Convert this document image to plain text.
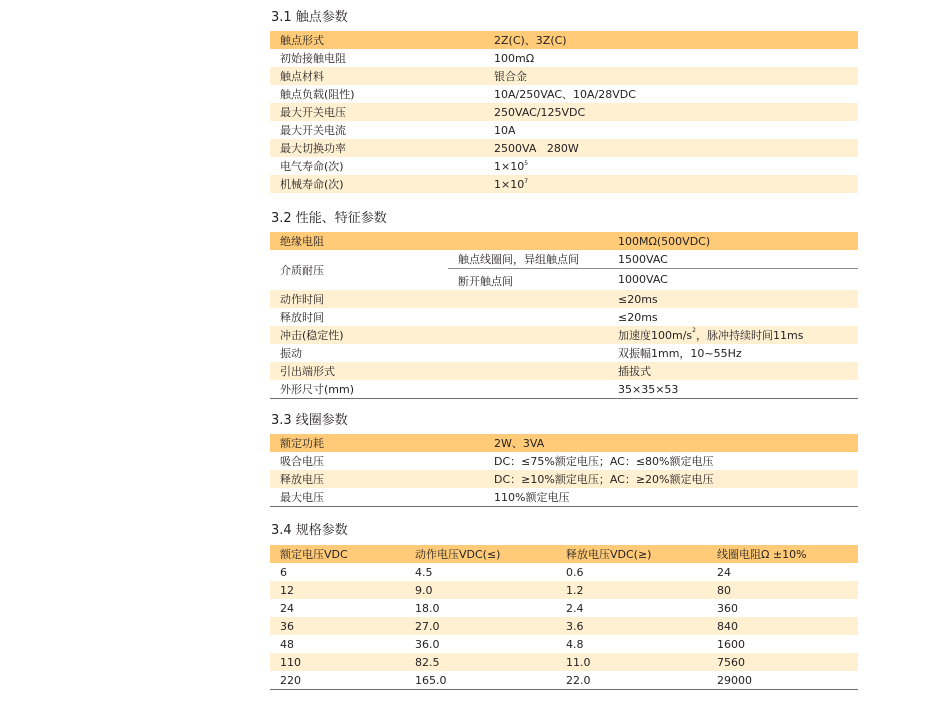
3.1 触点参数
触点形式	2Z(C)、3Z(C)
初始接触电阻	100mΩ
触点材料	银合金
触点负载(阻性)	10A/250VAC、10A/28VDC
最大开关电压	250VAC/125VDC
最大开关电流	10A
最大切换功率	2500VA   280W
电气寿命(次)	$1\times 10^5$
机械寿命(次)	$1\times 10^7$
3.2 性能、特征参数
绝缘电阻		100MΩ(500VDC)
介质耐压	触点线圈间，异组触点间	1500VAC
	断开触点间	1000VAC
动作时间		≤20ms
释放时间		≤20ms
冲击(稳定性)		加速度$100m/s^2$，脉冲持续时间11ms
振动		双振幅1mm，10~55Hz
引出端形式		插拔式
外形尺寸(mm)		35×35×53
3.3 线圈参数
额定功耗	2W、3VA
吸合电压	DC：≤75%额定电压；AC：≤80%额定电压
释放电压	DC：≥10%额定电压；AC：≥20%额定电压
最大电压	110%额定电压
3.4 规格参数
额定电压VDC	动作电压VDC(≤)	释放电压VDC(≥)	线圈电阻Ω ±10%
6	4.5	0.6	24
12	9.0	1.2	80
24	18.0	2.4	360
36	27.0	3.6	840
48	36.0	4.8	1600
110	82.5	11.0	7560
220	165.0	22.0	29000
